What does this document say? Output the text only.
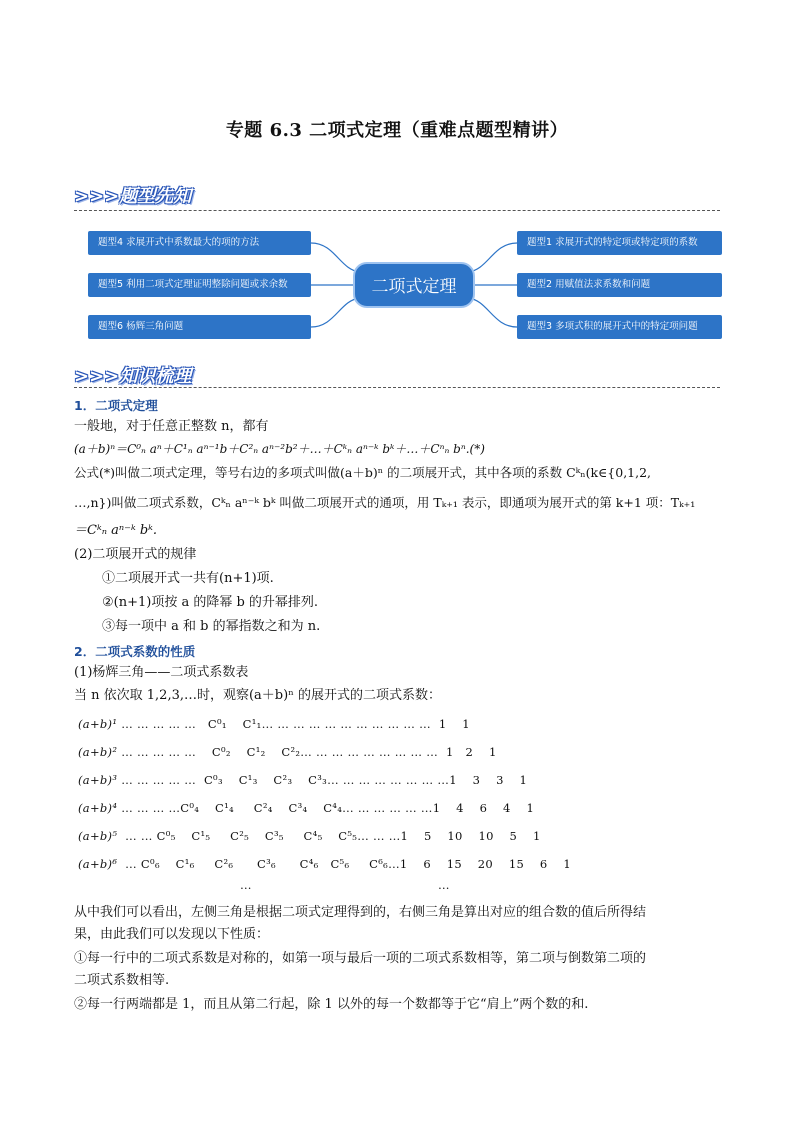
专题 6.3 二项式定理（重难点题型精讲）
>>>题型先知
题型4 求展开式中系数最大的项的方法
题型5 利用二项式定理证明整除问题或求余数
题型6 杨辉三角问题
二项式定理
题型1 求展开式的特定项或特定项的系数
题型2 用赋值法求系数和问题
题型3 多项式积的展开式中的特定项问题
>>>知识梳理
1．二项式定理
一般地，对于任意正整数 n，都有
(a＋b)ⁿ＝C⁰ₙ aⁿ＋C¹ₙ aⁿ⁻¹b＋C²ₙ aⁿ⁻²b²＋…＋Cᵏₙ aⁿ⁻ᵏ bᵏ＋…＋Cⁿₙ bⁿ.(*)
公式(*)叫做二项式定理，等号右边的多项式叫做(a＋b)ⁿ 的二项展开式，其中各项的系数 Cᵏₙ(k∈{0,1,2,
…,n})叫做二项式系数，Cᵏₙ aⁿ⁻ᵏ bᵏ 叫做二项展开式的通项，用 Tₖ₊₁ 表示，即通项为展开式的第 k+1 项：Tₖ₊₁
＝Cᵏₙ aⁿ⁻ᵏ bᵏ.
(2)二项展开式的规律
①二项展开式一共有(n+1)项.
②(n+1)项按 a 的降幂 b 的升幂排列.
③每一项中 a 和 b 的幂指数之和为 n.
2．二项式系数的性质
(1)杨辉三角——二项式系数表
当 n 依次取 1,2,3,…时，观察(a＋b)ⁿ 的展开式的二项式系数：
(a+b)¹ … … … … …   C⁰₁    C¹₁… … … … … … … … … … …  1    1
(a+b)² … … … … …    C⁰₂    C¹₂    C²₂… … … … … … … … …  1   2    1
(a+b)³ … … … … …  C⁰₃    C¹₃    C²₃    C³₃… … … … … … … …1    3    3    1
(a+b)⁴ … … … …C⁰₄    C¹₄     C²₄    C³₄    C⁴₄… … … … … …1    4    6    4    1
(a+b)⁵  … … C⁰₅    C¹₅     C²₅    C³₅     C⁴₅    C⁵₅… … …1    5    10    10    5    1
(a+b)⁶  … C⁰₆    C¹₆     C²₆      C³₆      C⁴₆   C⁵₆     C⁶₆…1    6    15    20    15    6    1
…	…
从中我们可以看出，左侧三角是根据二项式定理得到的，右侧三角是算出对应的组合数的值后所得结
果，由此我们可以发现以下性质：
①每一行中的二项式系数是对称的，如第一项与最后一项的二项式系数相等，第二项与倒数第二项的
二项式系数相等.
②每一行两端都是 1，而且从第二行起，除 1 以外的每一个数都等于它“肩上”两个数的和.
